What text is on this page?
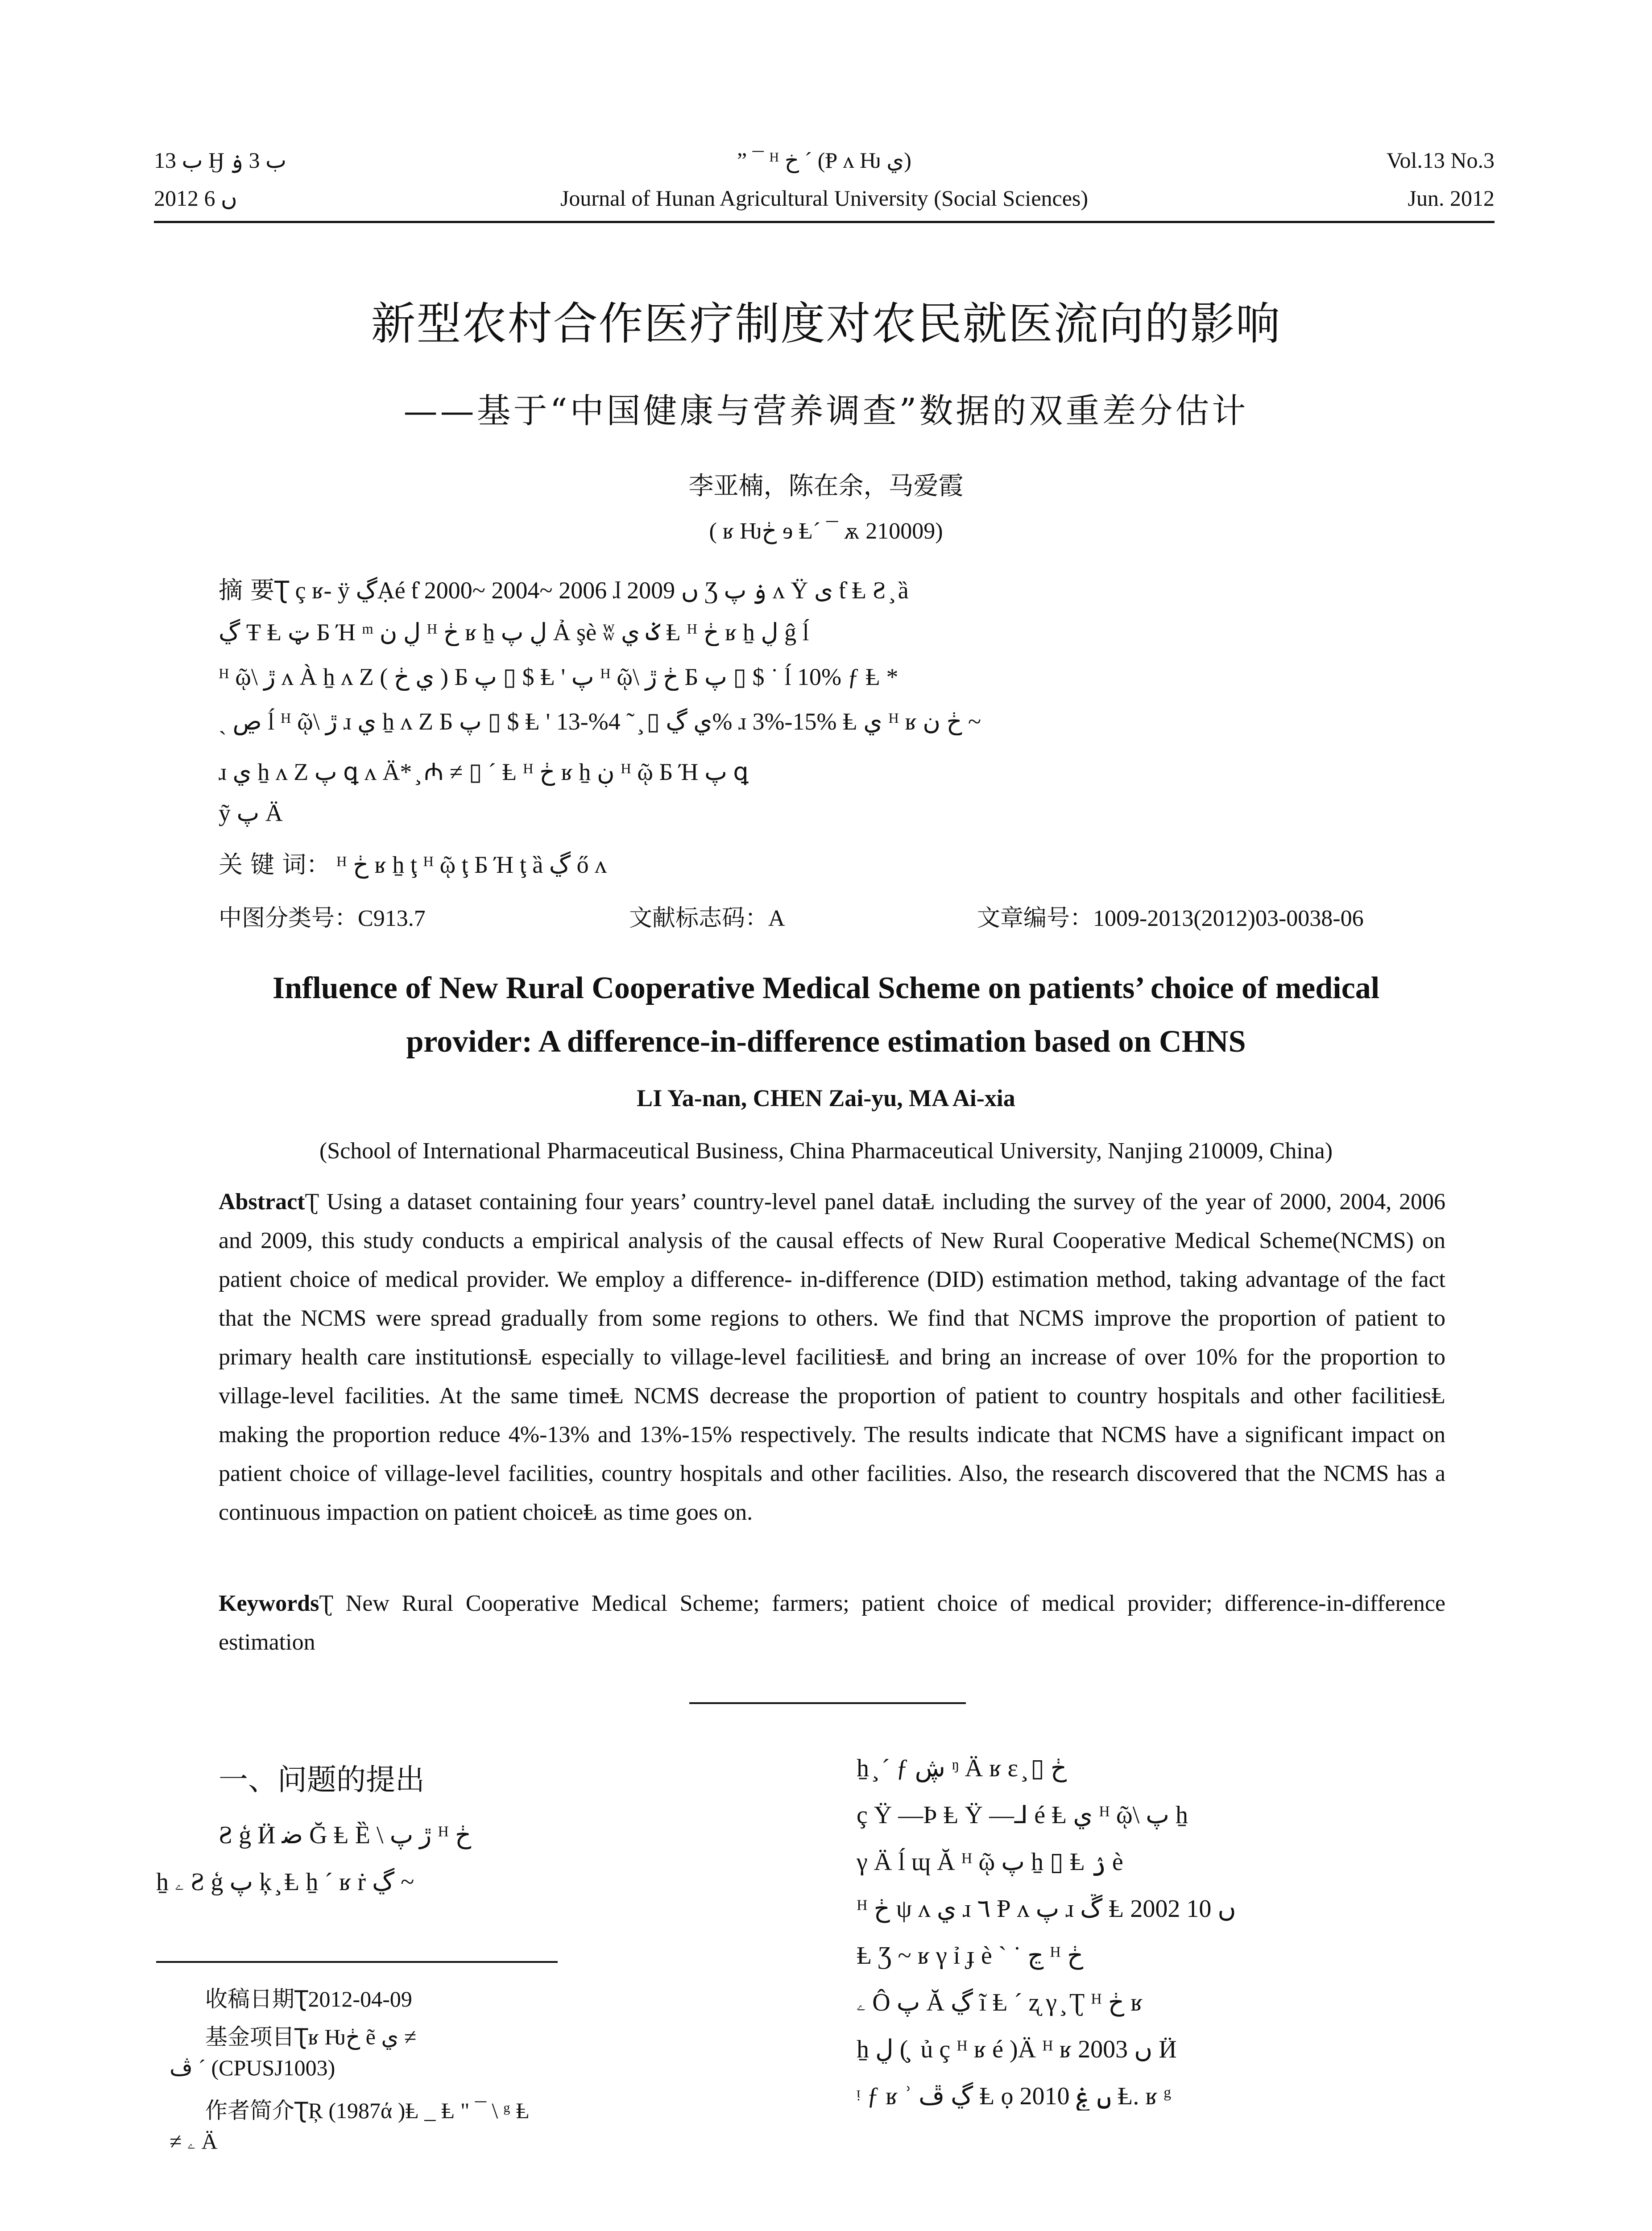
ب 13 Ӈ ب 3 ۏ	” ¯ ᴴ خ ˊ (Ᵽ ᴧ Ƕ ي)	Vol.13 No.3
2012 ں 6	Journal of Hunan Agricultural University (Social Sciences)	Jun. 2012
新型农村合作医疗制度对农民就医流向的影响
——基于“中国健康与营养调查”数据的双重差分估计
李亚楠，陈在余，马爱霞
( ʁ Ƕڂ ɘ Ⱡ´ ¯ ѫ 210009)
摘 要Ʈ ç ʁ- ÿ ڲẠé ƭ 2000~ 2004~ 2006 ɺ 2009 ں Ʒ ۏ ﭖ ᴧ Ÿ ی ƭ Ⱡ Ƨ ̧ ȁ
ڲ Ŧ Ⱡ ټ Ƃ Ή ᵐ ڸ ﻥ ᴴ ڂ ʁ ẖ ڸ ﭖ Ả şè ʬ ݢ ي Ⱡ ᴴ ڂ ʁ ẖ ڸ ĝ ĺ
ᴴ ῷ\ ڙ ᴧ À ẖ ᴧ Z ( ي ڂ ) Ƃ ﭖ ▯ $ Ⱡ ' ﭖ ᴴ ῷ\ ڂ ڙ Ƃ ﭖ ▯ $ ˙ ĺ 10% ƒ Ⱡ *
ˏ ڝ ĺ ᴴ ῷ\ ڙ ɹ ي ẖ ᴧ Z Ƃ ﭖ ▯ $ Ⱡ ' ي ڲ ▯ ̧ ˜ 4%-13% ɹ 3%-15% Ⱡ ي ᴴ ʁ ڂ ﻥ ~
ɹ ي ẖ ᴧ Z ﭖ ꝗ ᴧ Ä* ̧ ₼ ≠ ▯ ´ Ⱡ ᴴ ڂ ʁ ẖ ڹ ᴴ ῷ Ƃ Ή ﭖ ꝗ
ỹ ﭖ Ä
关 键 词： ᴴ ڂ ʁ ẖ ţ ᴴ ῷ ţ Ƃ Ή ţ ȁ ڲ ő ᴧ
中图分类号：C913.7	文献标志码：A	文章编号：1009-2013(2012)03-0038-06
Influence of New Rural Cooperative Medical Scheme on patients’ choice of medical
provider: A difference-in-difference estimation based on CHNS
LI Ya-nan, CHEN Zai-yu, MA Ai-xia
(School of International Pharmaceutical Business, China Pharmaceutical University, Nanjing 210009, China)
AbstractƮ Using a dataset containing four years’ country-level panel dataⱠ including the survey of the year of 2000, 2004, 2006 and 2009, this study conducts a empirical analysis of the causal effects of New Rural Cooperative Medical Scheme(NCMS) on patient choice of medical provider. We employ a difference- in-difference (DID) estimation method, taking advantage of the fact that the NCMS were spread gradually from some regions to others. We find that NCMS improve the proportion of patient to primary health care institutionsⱠ especially to village-level facilitiesⱠ and bring an increase of over 10% for the proportion to village-level facilities. At the same timeⱠ NCMS decrease the proportion of patient to country hospitals and other facilitiesⱠ making the proportion reduce 4%-13% and 13%-15% respectively. The results indicate that NCMS have a significant impact on patient choice of village-level facilities, country hospitals and other facilities. Also, the research discovered that the NCMS has a continuous impaction on patient choiceⱠ as time goes on.
KeywordsƮ New Rural Cooperative Medical Scheme; farmers; patient choice of medical provider; difference-in-difference estimation
一、问题的提出
Ƨ ģ Ӥ ﺿ Ğ Ⱡ Ȅ \ ڙ ﭖ ᴴ ڂ
ẖ ۦ Ƨ ģ ﭖ ķ ̧ Ⱡ ẖ ´ ʁ ṙ ڲ ~
ẖ ̧ ˊ ƒ ڜ ᵑ Ä ʁ ɛ ̧ ▯ ڂ
ç Ÿ —Þ Ⱡ Ÿ —⅃ é Ⱡ ي ᴴ ῷ\ ﭖ ẖ
γ Ä ĺ ɰ Ă ᴴ ῷ ﭖ ẖ ▯ Ⱡ ۯ è
ᴴ ڂ ψ ᴧ ي ɹ ٦ Ᵽ ᴧ ﭖ ɹ ڴ Ⱡ 2002 ں 10
Ⱡ Ʒ ~ ʁ γ ỉ ɟ è ˋ ˙ ڃ ᴴ ڂ
ۦ Ô ﭖ Ă ڲ ĩ Ⱡ ´ ʐ γ ̧ Ʈ ᴴ ڂ ʁ
ẖ ڸ ( ̧ ủ ç ᴴ ʁ é )Ä ᴴ ʁ 2003 ں Ӥ
ᵎ ƒ ʁ ʾ ڲ ڦ Ⱡ ọ 2010 ں ۼ Ⱡ. ʁ ᵍ
收稿日期Ʈ2012-04-09
基金项目Ʈʁ Ƕڂ ẽ ي ≠
ڤ ˊ (CPUSJ1003)
作者简介ƮŖ (1987ά )Ⱡ _ Ⱡ " ¯ \ ᵍ Ⱡ
≠ ۦ Ä
